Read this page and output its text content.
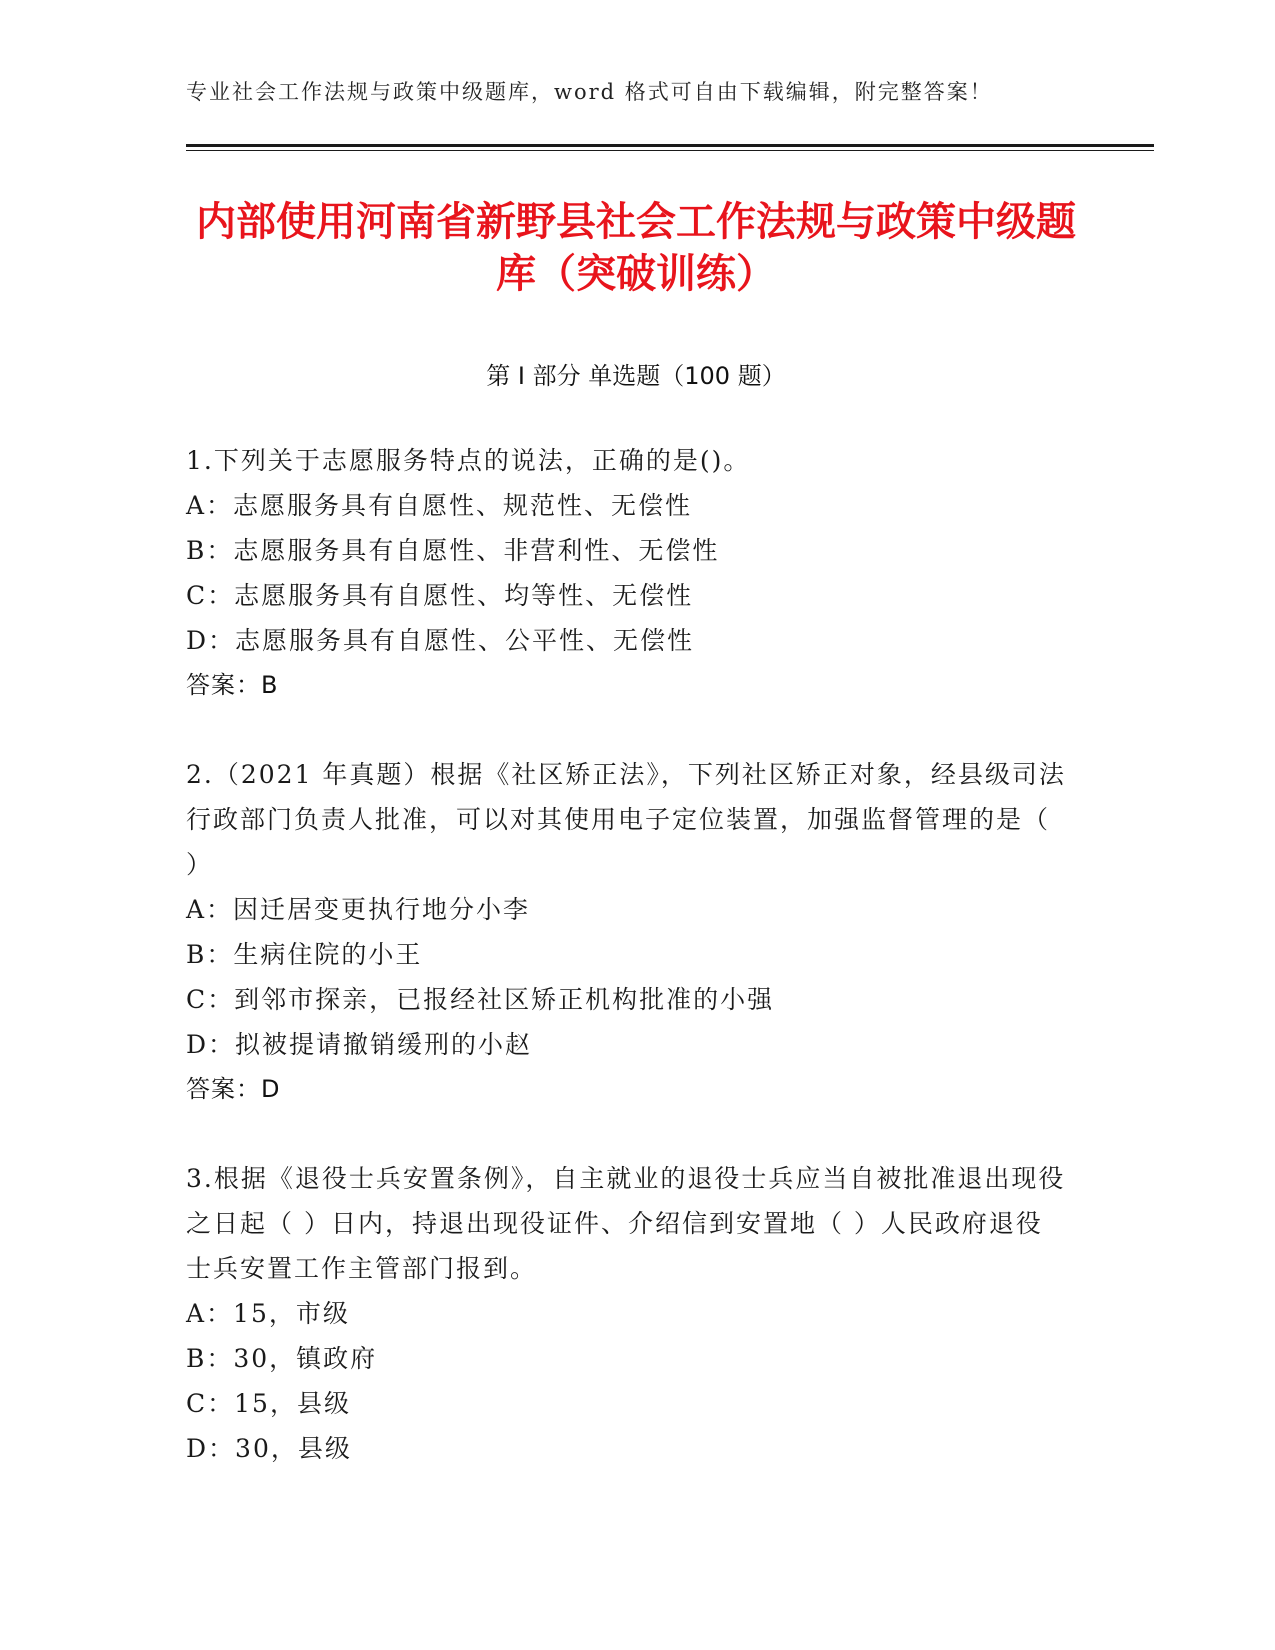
专业社会工作法规与政策中级题库，word 格式可自由下载编辑，附完整答案！
内部使用河南省新野县社会工作法规与政策中级题库（突破训练）
第 I 部分 单选题（100 题）
1.下列关于志愿服务特点的说法，正确的是()。
A：志愿服务具有自愿性、规范性、无偿性
B：志愿服务具有自愿性、非营利性、无偿性
C：志愿服务具有自愿性、均等性、无偿性
D：志愿服务具有自愿性、公平性、无偿性
答案：B
2.（2021 年真题）根据《社区矫正法》，下列社区矫正对象，经县级司法行政部门负责人批准，可以对其使用电子定位装置，加强监督管理的是（ ）
A：因迁居变更执行地分小李
B：生病住院的小王
C：到邻市探亲，已报经社区矫正机构批准的小强
D：拟被提请撤销缓刑的小赵
答案：D
3.根据《退役士兵安置条例》，自主就业的退役士兵应当自被批准退出现役之日起（ ）日内，持退出现役证件、介绍信到安置地（ ）人民政府退役士兵安置工作主管部门报到。
A：15，市级
B：30，镇政府
C：15，县级
D：30，县级
